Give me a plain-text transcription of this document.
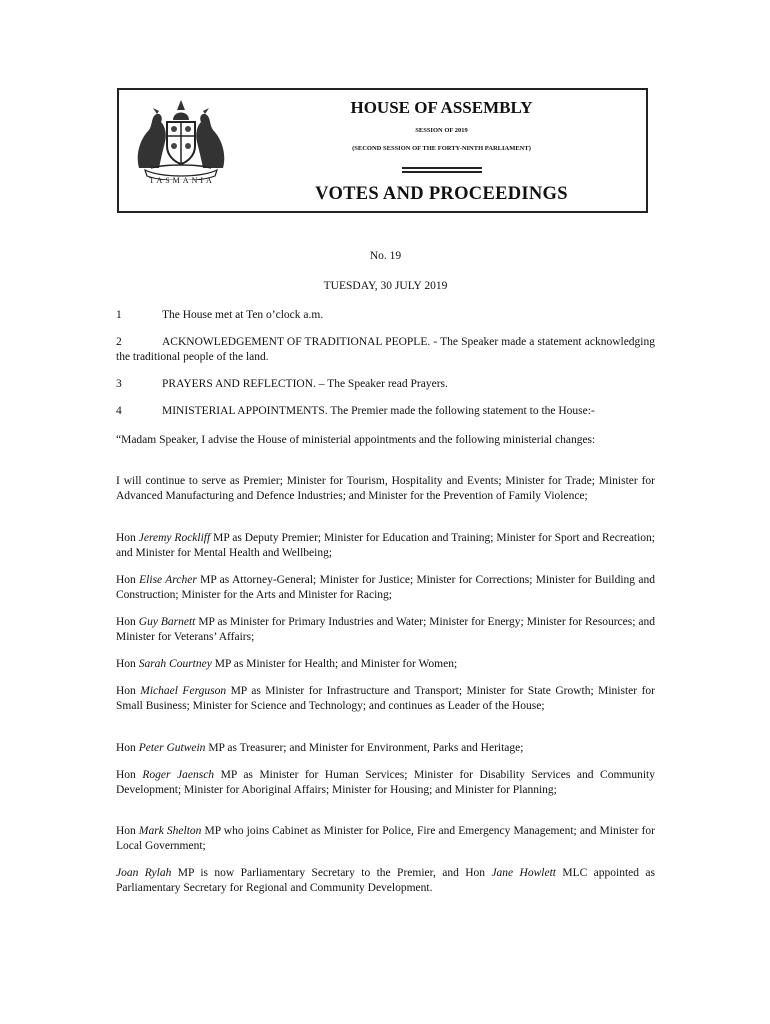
TASMANIA
HOUSE OF ASSEMBLY
SESSION OF 2019
(SECOND SESSION OF THE FORTY-NINTH PARLIAMENT)
VOTES AND PROCEEDINGS
No. 19
TUESDAY, 30 JULY 2019
1	The House met at Ten o’clock a.m.
2	ACKNOWLEDGEMENT OF TRADITIONAL PEOPLE. - The Speaker made a statement acknowledging the traditional people of the land.
3	PRAYERS AND REFLECTION. – The Speaker read Prayers.
4	MINISTERIAL APPOINTMENTS. The Premier made the following statement to the House:-
“Madam Speaker, I advise the House of ministerial appointments and the following ministerial changes:
I will continue to serve as Premier; Minister for Tourism, Hospitality and Events; Minister for Trade; Minister for Advanced Manufacturing and Defence Industries; and Minister for the Prevention of Family Violence;
Hon Jeremy Rockliff MP as Deputy Premier; Minister for Education and Training; Minister for Sport and Recreation; and Minister for Mental Health and Wellbeing;
Hon Elise Archer MP as Attorney-General; Minister for Justice; Minister for Corrections; Minister for Building and Construction; Minister for the Arts and Minister for Racing;
Hon Guy Barnett MP as Minister for Primary Industries and Water; Minister for Energy; Minister for Resources; and Minister for Veterans’ Affairs;
Hon Sarah Courtney MP as Minister for Health; and Minister for Women;
Hon Michael Ferguson MP as Minister for Infrastructure and Transport; Minister for State Growth; Minister for Small Business; Minister for Science and Technology; and continues as Leader of the House;
Hon Peter Gutwein MP as Treasurer; and Minister for Environment, Parks and Heritage;
Hon Roger Jaensch MP as Minister for Human Services; Minister for Disability Services and Community Development; Minister for Aboriginal Affairs; Minister for Housing; and Minister for Planning;
Hon Mark Shelton MP who joins Cabinet as Minister for Police, Fire and Emergency Management; and Minister for Local Government;
Joan Rylah MP is now Parliamentary Secretary to the Premier, and Hon Jane Howlett MLC appointed as Parliamentary Secretary for Regional and Community Development.
